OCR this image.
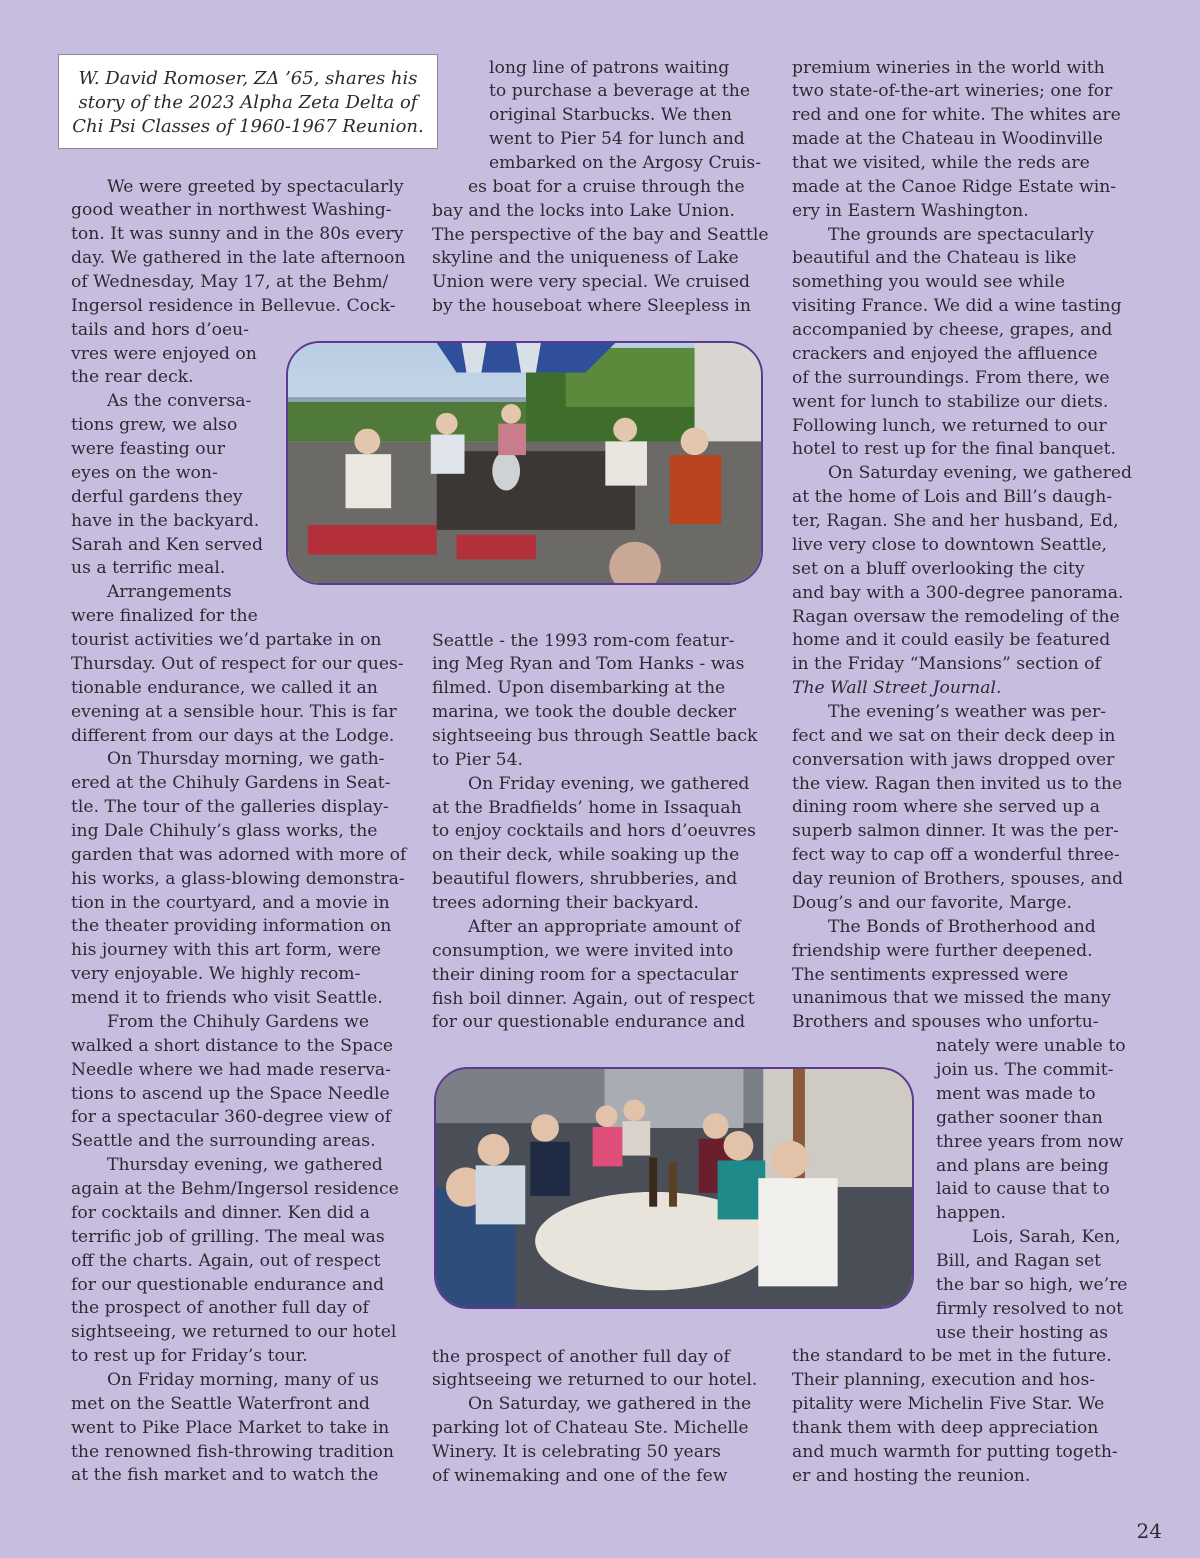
W. David Romoser, ZΔ ’65, shares his
story of the 2023 Alpha Zeta Delta of
Chi Psi Classes of 1960-1967 Reunion.
We were greeted by spectacularly
good weather in northwest Washing-
ton. It was sunny and in the 80s every
day. We gathered in the late afternoon
of Wednesday, May 17, at the Behm/
Ingersol residence in Bellevue. Cock-
tails and hors d’oeu-
vres were enjoyed on
the rear deck.
As the conversa-
tions grew, we also
were feasting our
eyes on the won-
derful gardens they
have in the backyard.
Sarah and Ken served
us a terrific meal.
Arrangements
were finalized for the
tourist activities we’d partake in on
Thursday. Out of respect for our ques-
tionable endurance, we called it an
evening at a sensible hour. This is far
different from our days at the Lodge.
On Thursday morning, we gath-
ered at the Chihuly Gardens in Seat-
tle. The tour of the galleries display-
ing Dale Chihuly’s glass works, the
garden that was adorned with more of
his works, a glass-blowing demonstra-
tion in the courtyard, and a movie in
the theater providing information on
his journey with this art form, were
very enjoyable. We highly recom-
mend it to friends who visit Seattle.
From the Chihuly Gardens we
walked a short distance to the Space
Needle where we had made reserva-
tions to ascend up the Space Needle
for a spectacular 360-degree view of
Seattle and the surrounding areas.
Thursday evening, we gathered
again at the Behm/Ingersol residence
for cocktails and dinner. Ken did a
terrific job of grilling. The meal was
off the charts. Again, out of respect
for our questionable endurance and
the prospect of another full day of
sightseeing, we returned to our hotel
to rest up for Friday’s tour.
On Friday morning, many of us
met on the Seattle Waterfront and
went to Pike Place Market to take in
the renowned fish-throwing tradition
at the fish market and to watch the
long line of patrons waiting
to purchase a beverage at the
original Starbucks. We then
went to Pier 54 for lunch and
embarked on the Argosy Cruis-
es boat for a cruise through the
bay and the locks into Lake Union.
The perspective of the bay and Seattle
skyline and the uniqueness of Lake
Union were very special. We cruised
by the houseboat where Sleepless in
Seattle - the 1993 rom-com featur-
ing Meg Ryan and Tom Hanks - was
filmed. Upon disembarking at the
marina, we took the double decker
sightseeing bus through Seattle back
to Pier 54.
On Friday evening, we gathered
at the Bradfields’ home in Issaquah
to enjoy cocktails and hors d’oeuvres
on their deck, while soaking up the
beautiful flowers, shrubberies, and
trees adorning their backyard.
After an appropriate amount of
consumption, we were invited into
their dining room for a spectacular
fish boil dinner. Again, out of respect
for our questionable endurance and
the prospect of another full day of
sightseeing we returned to our hotel.
On Saturday, we gathered in the
parking lot of Chateau Ste. Michelle
Winery. It is celebrating 50 years
of winemaking and one of the few
premium wineries in the world with
two state-of-the-art wineries; one for
red and one for white. The whites are
made at the Chateau in Woodinville
that we visited, while the reds are
made at the Canoe Ridge Estate win-
ery in Eastern Washington.
The grounds are spectacularly
beautiful and the Chateau is like
something you would see while
visiting France. We did a wine tasting
accompanied by cheese, grapes, and
crackers and enjoyed the affluence
of the surroundings. From there, we
went for lunch to stabilize our diets.
Following lunch, we returned to our
hotel to rest up for the final banquet.
On Saturday evening, we gathered
at the home of Lois and Bill’s daugh-
ter, Ragan. She and her husband, Ed,
live very close to downtown Seattle,
set on a bluff overlooking the city
and bay with a 300-degree panorama.
Ragan oversaw the remodeling of the
home and it could easily be featured
in the Friday “Mansions” section of
The Wall Street Journal.
The evening’s weather was per-
fect and we sat on their deck deep in
conversation with jaws dropped over
the view. Ragan then invited us to the
dining room where she served up a
superb salmon dinner. It was the per-
fect way to cap off a wonderful three-
day reunion of Brothers, spouses, and
Doug’s and our favorite, Marge.
The Bonds of Brotherhood and
friendship were further deepened.
The sentiments expressed were
unanimous that we missed the many
Brothers and spouses who unfortu-
nately were unable to
join us. The commit-
ment was made to
gather sooner than
three years from now
and plans are being
laid to cause that to
happen.
Lois, Sarah, Ken,
Bill, and Ragan set
the bar so high, we’re
firmly resolved to not
use their hosting as
the standard to be met in the future.
Their planning, execution and hos-
pitality were Michelin Five Star. We
thank them with deep appreciation
and much warmth for putting togeth-
er and hosting the reunion.
24
